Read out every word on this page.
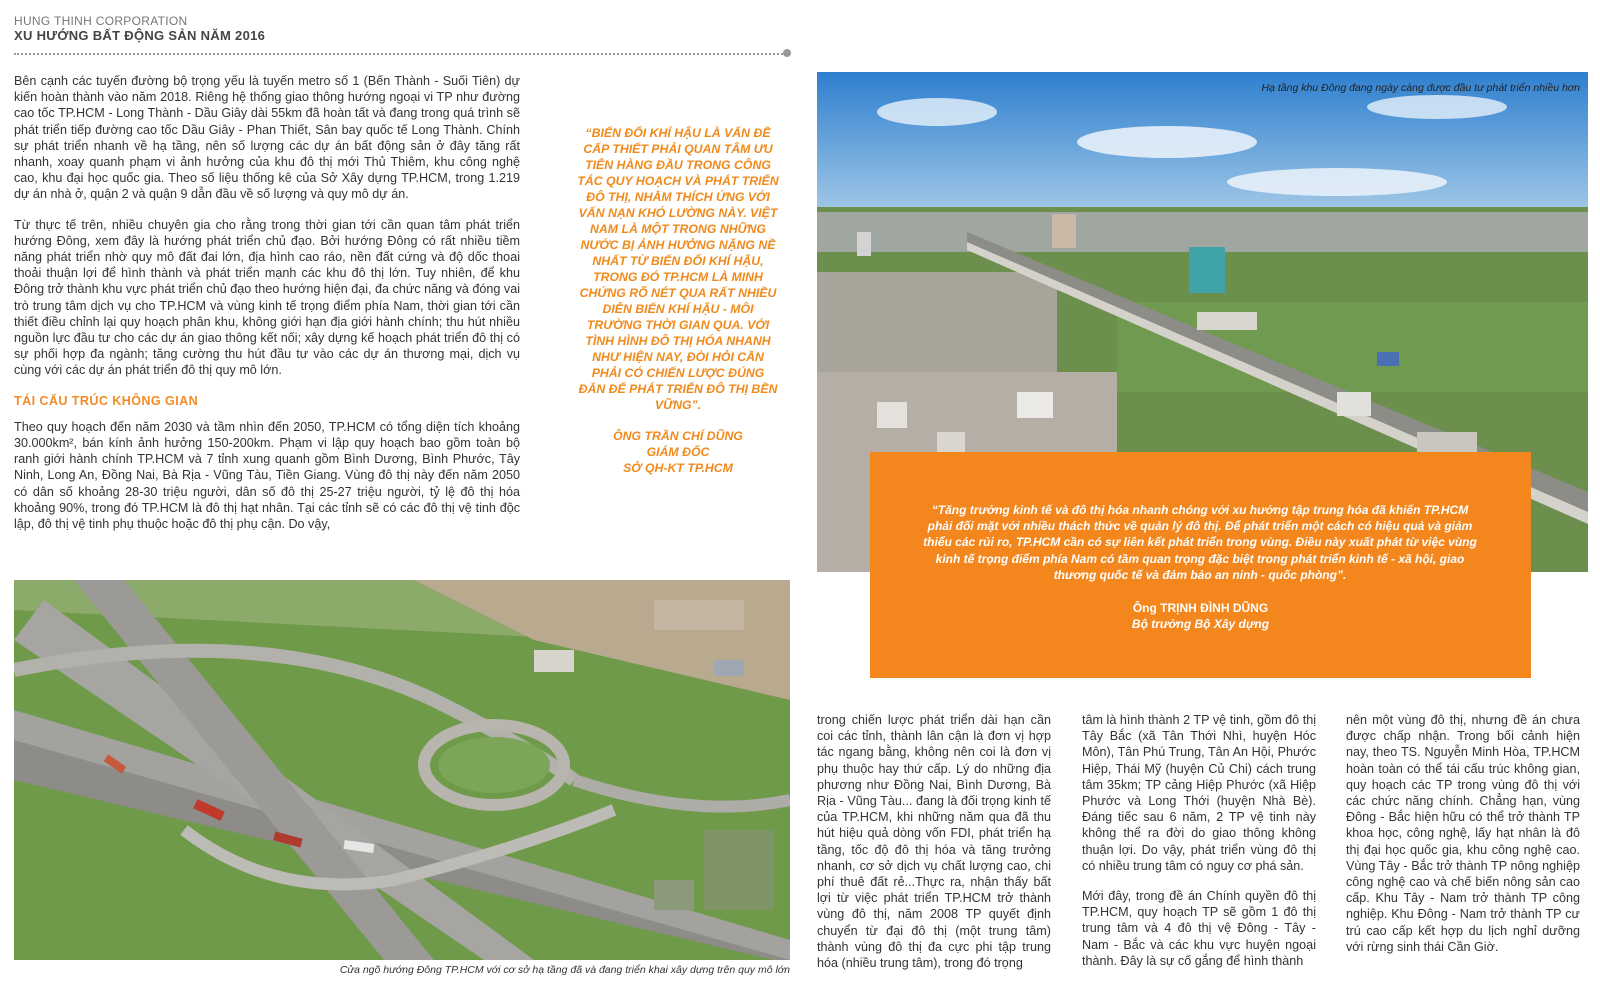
HUNG THINH CORPORATION
XU HƯỚNG BẤT ĐỘNG SẢN NĂM 2016

Bên cạnh các tuyến đường bộ trọng yếu là tuyến metro số 1 (Bến Thành - Suối Tiên) dự kiến hoàn thành vào năm 2018. Riêng hệ thống giao thông hướng ngoại vi TP như đường cao tốc TP.HCM - Long Thành - Dầu Giây dài 55km đã hoàn tất và đang trong quá trình sẽ phát triển tiếp đường cao tốc Dầu Giây - Phan Thiết, Sân bay quốc tế Long Thành. Chính sự phát triển nhanh về hạ tầng, nên số lượng các dự án bất động sản ở đây tăng rất nhanh, xoay quanh phạm vi ảnh hưởng của khu đô thị mới Thủ Thiêm, khu công nghệ cao, khu đại học quốc gia. Theo số liệu thống kê của Sở Xây dựng TP.HCM, trong 1.219 dự án nhà ở, quận 2 và quận 9 dẫn đầu về số lượng và quy mô dự án.

Từ thực tế trên, nhiều chuyên gia cho rằng trong thời gian tới cần quan tâm phát triển hướng Đông, xem đây là hướng phát triển chủ đạo. Bởi hướng Đông có rất nhiều tiềm năng phát triển nhờ quy mô đất đai lớn, địa hình cao ráo, nền đất cứng và độ dốc thoai thoải thuận lợi để hình thành và phát triển mạnh các khu đô thị lớn. Tuy nhiên, để khu Đông trở thành khu vực phát triển chủ đạo theo hướng hiện đại, đa chức năng và đóng vai trò trung tâm dịch vụ cho TP.HCM và vùng kinh tế trọng điểm phía Nam, thời gian tới cần thiết điều chỉnh lại quy hoạch phân khu, không giới hạn địa giới hành chính; thu hút nhiều nguồn lực đầu tư cho các dự án giao thông kết nối; xây dựng kế hoạch phát triển đô thị có sự phối hợp đa ngành; tăng cường thu hút đầu tư vào các dự án thương mại, dịch vụ cùng với các dự án phát triển đô thị quy mô lớn.

TÁI CẤU TRÚC KHÔNG GIAN

Theo quy hoạch đến năm 2030 và tầm nhìn đến 2050, TP.HCM có tổng diện tích khoảng 30.000km², bán kính ảnh hưởng 150-200km. Phạm vi lập quy hoạch bao gồm toàn bộ ranh giới hành chính TP.HCM và 7 tỉnh xung quanh gồm Bình Dương, Bình Phước, Tây Ninh, Long An, Đồng Nai, Bà Rịa - Vũng Tàu, Tiền Giang. Vùng đô thị này đến năm 2050 có dân số khoảng 28-30 triệu người, dân số đô thị 25-27 triệu người, tỷ lệ đô thị hóa khoảng 90%, trong đó TP.HCM là đô thị hạt nhân. Tại các tỉnh sẽ có các đô thị vệ tinh độc lập, đô thị vệ tinh phụ thuộc hoặc đô thị phụ cận. Do vậy,

“BIẾN ĐỔI KHÍ HẬU LÀ VẤN ĐỀ CẤP THIẾT PHẢI QUAN TÂM ƯU TIÊN HÀNG ĐẦU TRONG CÔNG TÁC QUY HOẠCH VÀ PHÁT TRIỂN ĐÔ THỊ, NHẰM THÍCH ỨNG VỚI VẤN NẠN KHÓ LƯỜNG NÀY. VIỆT NAM LÀ MỘT TRONG NHỮNG NƯỚC BỊ ẢNH HƯỞNG NẶNG NỀ NHẤT TỪ BIẾN ĐỔI KHÍ HẬU, TRONG ĐÓ TP.HCM LÀ MINH CHỨNG RÕ NÉT QUA RẤT NHIỀU DIỄN BIẾN KHÍ HẬU - MÔI TRƯỜNG THỜI GIAN QUA. VỚI TÌNH HÌNH ĐÔ THỊ HÓA NHANH NHƯ HIỆN NAY, ĐÒI HỎI CẦN PHẢI CÓ CHIẾN LƯỢC ĐÚNG ĐẮN ĐỂ PHÁT TRIỂN ĐÔ THỊ BỀN VỮNG”.

ÔNG TRẦN CHÍ DŨNG
GIÁM ĐỐC
SỞ QH-KT TP.HCM
Cửa ngõ hướng Đông TP.HCM với cơ sở hạ tầng đã và đang triển khai xây dựng trên quy mô lớn
Hạ tầng khu Đông đang ngày càng được đầu tư phát triển nhiều hơn
“Tăng trưởng kinh tế và đô thị hóa nhanh chóng với xu hướng tập trung hóa đã khiến TP.HCM phải đối mặt với nhiều thách thức về quản lý đô thị. Để phát triển một cách có hiệu quả và giảm thiểu các rủi ro, TP.HCM cần có sự liên kết phát triển trong vùng. Điều này xuất phát từ việc vùng kinh tế trọng điểm phía Nam có tầm quan trọng đặc biệt trong phát triển kinh tế - xã hội, giao thương quốc tế và đảm bảo an ninh - quốc phòng”.
Ông TRỊNH ĐÌNH DŨNG
Bộ trưởng Bộ Xây dựng

trong chiến lược phát triển dài hạn cần coi các tỉnh, thành lân cận là đơn vị hợp tác ngang bằng, không nên coi là đơn vị phụ thuộc hay thứ cấp. Lý do những địa phương như Đồng Nai, Bình Dương, Bà Rịa - Vũng Tàu... đang là đối trọng kinh tế của TP.HCM, khi những năm qua đã thu hút hiệu quả dòng vốn FDI, phát triển hạ tầng, tốc độ đô thị hóa và tăng trưởng nhanh, cơ sở dịch vụ chất lượng cao, chi phí thuê đất rẻ...Thực ra, nhận thấy bất lợi từ việc phát triển TP.HCM trở thành vùng đô thị, năm 2008 TP quyết định chuyển từ đại đô thị (một trung tâm) thành vùng đô thị đa cực phi tập trung hóa (nhiều trung tâm), trong đó trọng

tâm là hình thành 2 TP vệ tinh, gồm đô thị Tây Bắc (xã Tân Thới Nhì, huyện Hóc Môn), Tân Phú Trung, Tân An Hội, Phước Hiệp, Thái Mỹ (huyện Củ Chi) cách trung tâm 35km; TP cảng Hiệp Phước (xã Hiệp Phước và Long Thới (huyện Nhà Bè). Đáng tiếc sau 6 năm, 2 TP vệ tinh này không thể ra đời do giao thông không thuận lợi. Do vậy, phát triển vùng đô thị có nhiều trung tâm có nguy cơ phá sản.

Mới đây, trong đề án Chính quyền đô thị TP.HCM, quy hoạch TP sẽ gồm 1 đô thị trung tâm và 4 đô thị vệ Đông - Tây - Nam - Bắc và các khu vực huyện ngoại thành. Đây là sự cố gắng để hình thành

nên một vùng đô thị, nhưng đề án chưa được chấp nhận. Trong bối cảnh hiện nay, theo TS. Nguyễn Minh Hòa, TP.HCM hoàn toàn có thể tái cấu trúc không gian, quy hoạch các TP trong vùng đô thị với các chức năng chính. Chẳng hạn, vùng Đông - Bắc hiện hữu có thể trở thành TP khoa học, công nghệ, lấy hạt nhân là đô thị đại học quốc gia, khu công nghệ cao. Vùng Tây - Bắc trở thành TP nông nghiệp công nghệ cao và chế biến nông sản cao cấp. Khu Tây - Nam trở thành TP công nghiệp. Khu Đông - Nam trở thành TP cư trú cao cấp kết hợp du lịch nghỉ dưỡng với rừng sinh thái Cần Giờ.
